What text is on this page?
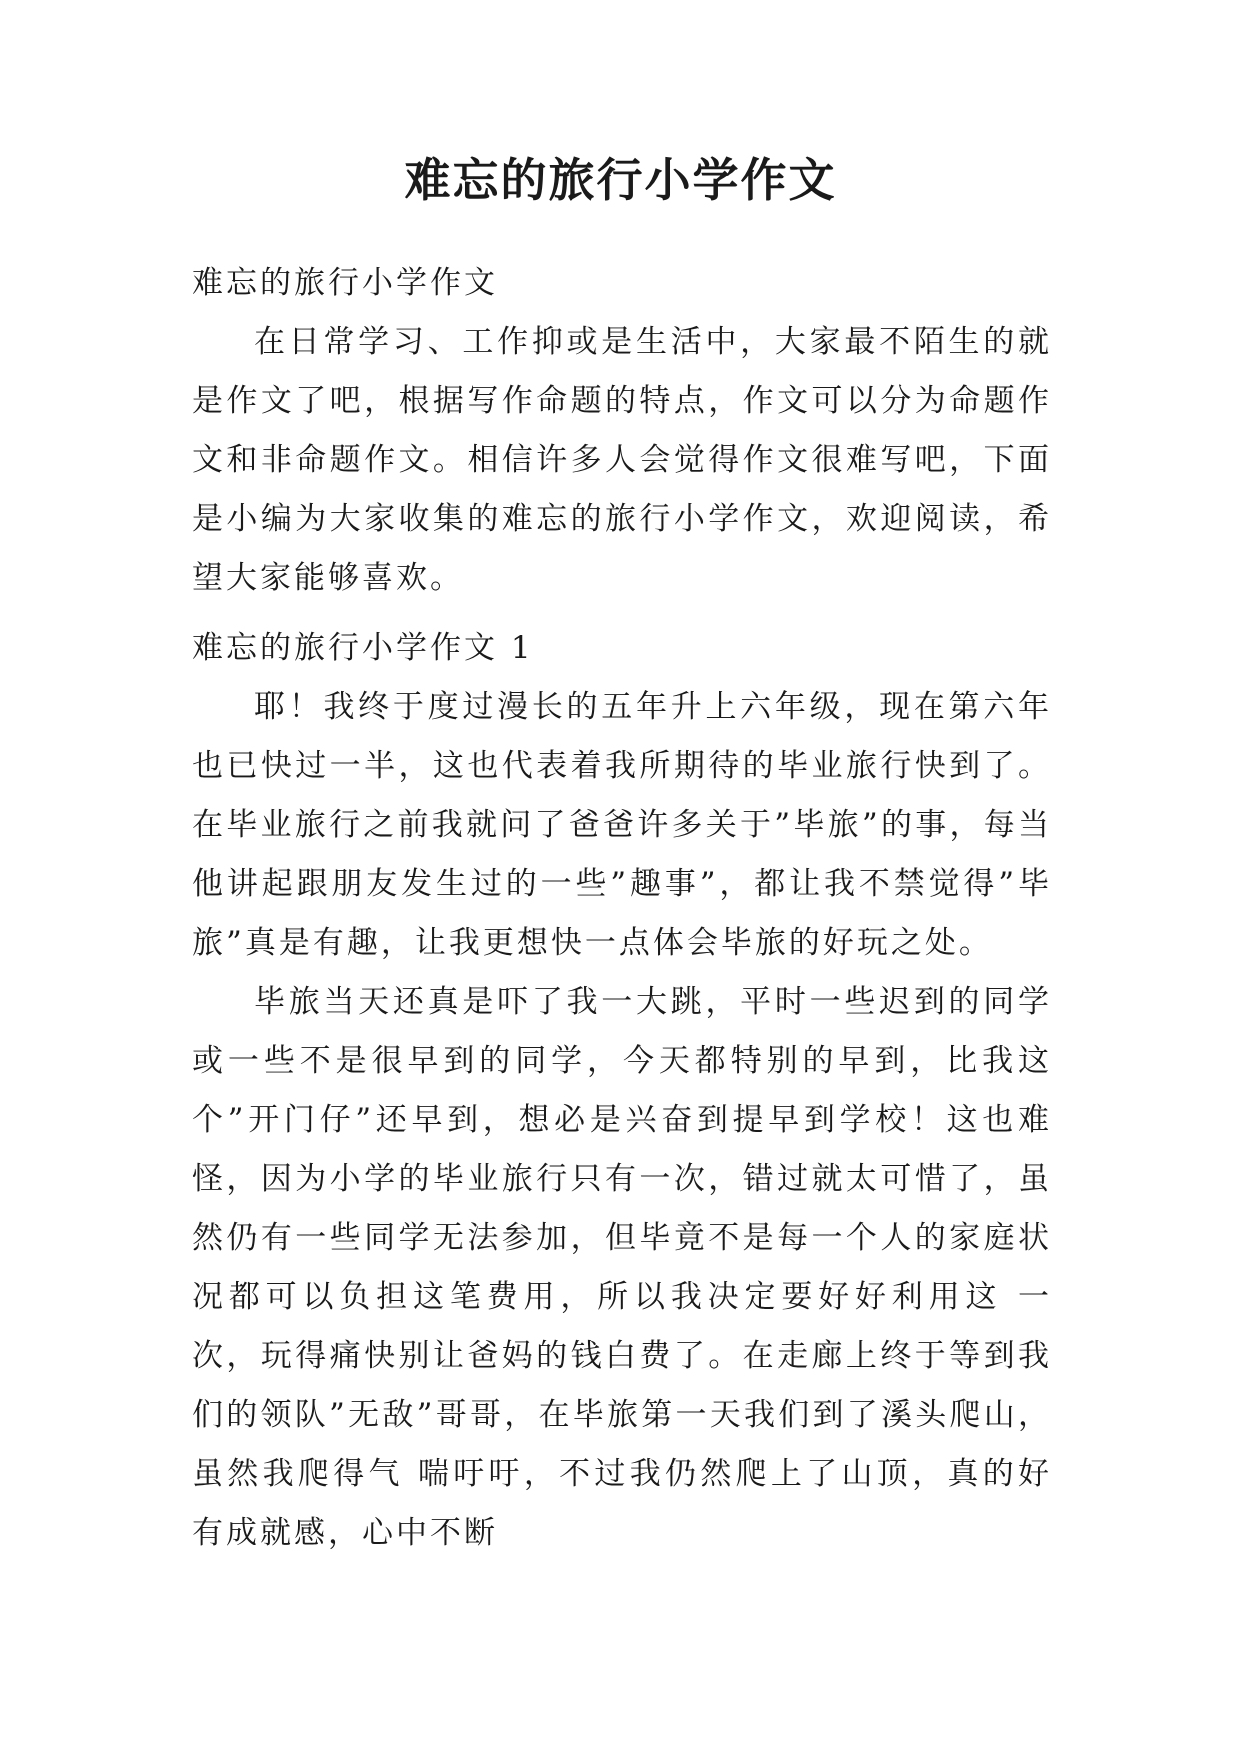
难忘的旅行小学作文

难忘的旅行小学作文

在日常学习、工作抑或是生活中，大家最不陌生的就是作文了吧，根据写作命题的特点，作文可以分为命题作文和非命题作文。相信许多人会觉得作文很难写吧，下面是小编为大家收集的难忘的旅行小学作文，欢迎阅读，希望大家能够喜欢。

难忘的旅行小学作文 1

耶！我终于度过漫长的五年升上六年级，现在第六年也已快过一半，这也代表着我所期待的毕业旅行快到了。在毕业旅行之前我就问了爸爸许多关于”毕旅”的事，每当他讲起跟朋友发生过的一些”趣事”，都让我不禁觉得”毕旅”真是有趣，让我更想快一点体会毕旅的好玩之处。

毕旅当天还真是吓了我一大跳，平时一些迟到的同学或一些不是很早到的同学，今天都特别的早到，比我这个”开门仔”还早到，想必是兴奋到提早到学校！这也难 怪，因为小学的毕业旅行只有一次，错过就太可惜了，虽然仍有一些同学无法参加，但毕竟不是每一个人的家庭状况都可以负担这笔费用，所以我决定要好好利用这 一次，玩得痛快别让爸妈的钱白费了。在走廊上终于等到我们的领队”无敌”哥哥，在毕旅第一天我们到了溪头爬山，虽然我爬得气 喘吁吁，不过我仍然爬上了山顶，真的好有成就感，心中不断
